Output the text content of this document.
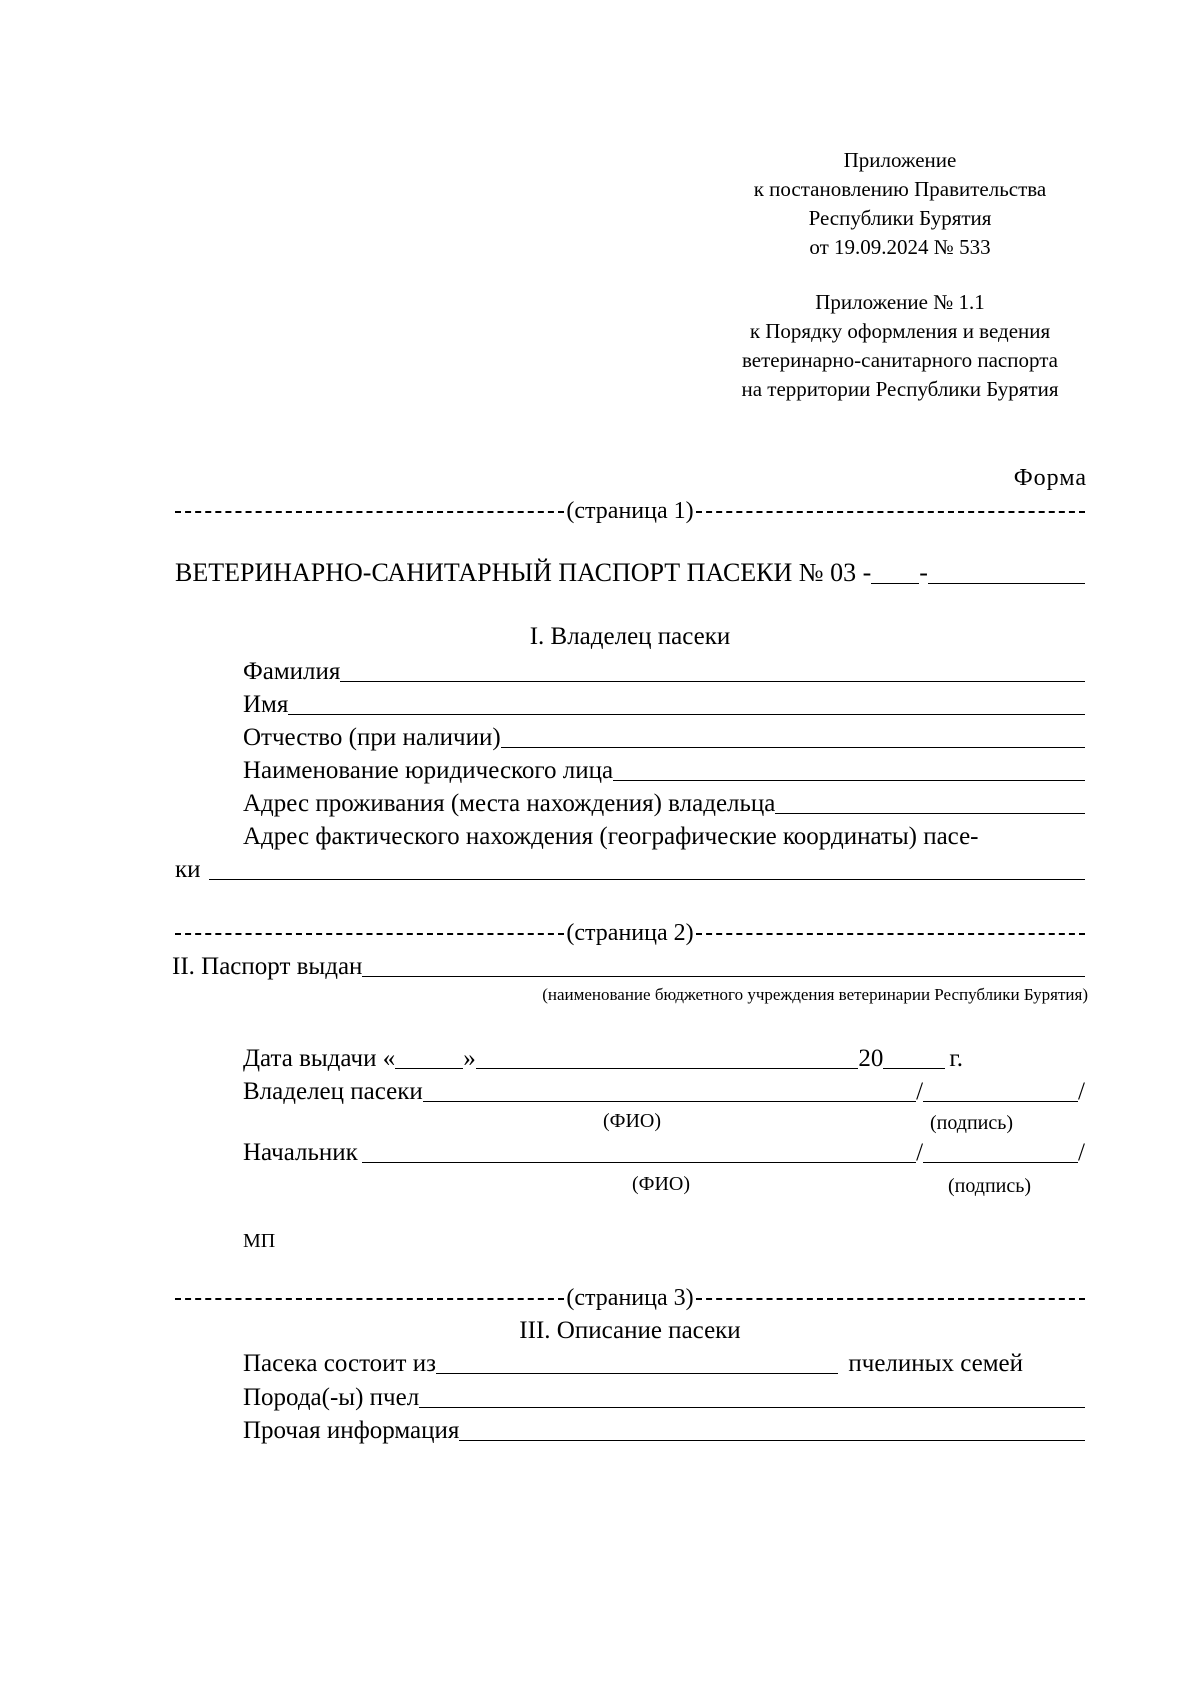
Приложение
к постановлению Правительства
Республики Бурятия
от 19.09.2024 № 533
Приложение № 1.1
к Порядку оформления и ведения
ветеринарно-санитарного паспорта
на территории Республики Бурятия
Форма
(страница 1)
ВЕТЕРИНАРНО-САНИТАРНЫЙ ПАСПОРТ ПАСЕКИ № 03 - -
I. Владелец пасеки
Фамилия
Имя
Отчество (при наличии)
Наименование юридического лица
Адрес проживания (места нахождения) владельца
Адрес фактического нахождения (географические координаты) пасе-
ки
(страница 2)
II. Паспорт выдан
(наименование бюджетного учреждения ветеринарии Республики Бурятия)
Дата выдачи «	»	20	г.
Владелец пасеки	/	/
(ФИО)	(подпись)
Начальник	/	/
(ФИО)	(подпись)
МП
(страница 3)
III. Описание пасеки
Пасека состоит из	пчелиных семей
Порода(-ы) пчел
Прочая информация
